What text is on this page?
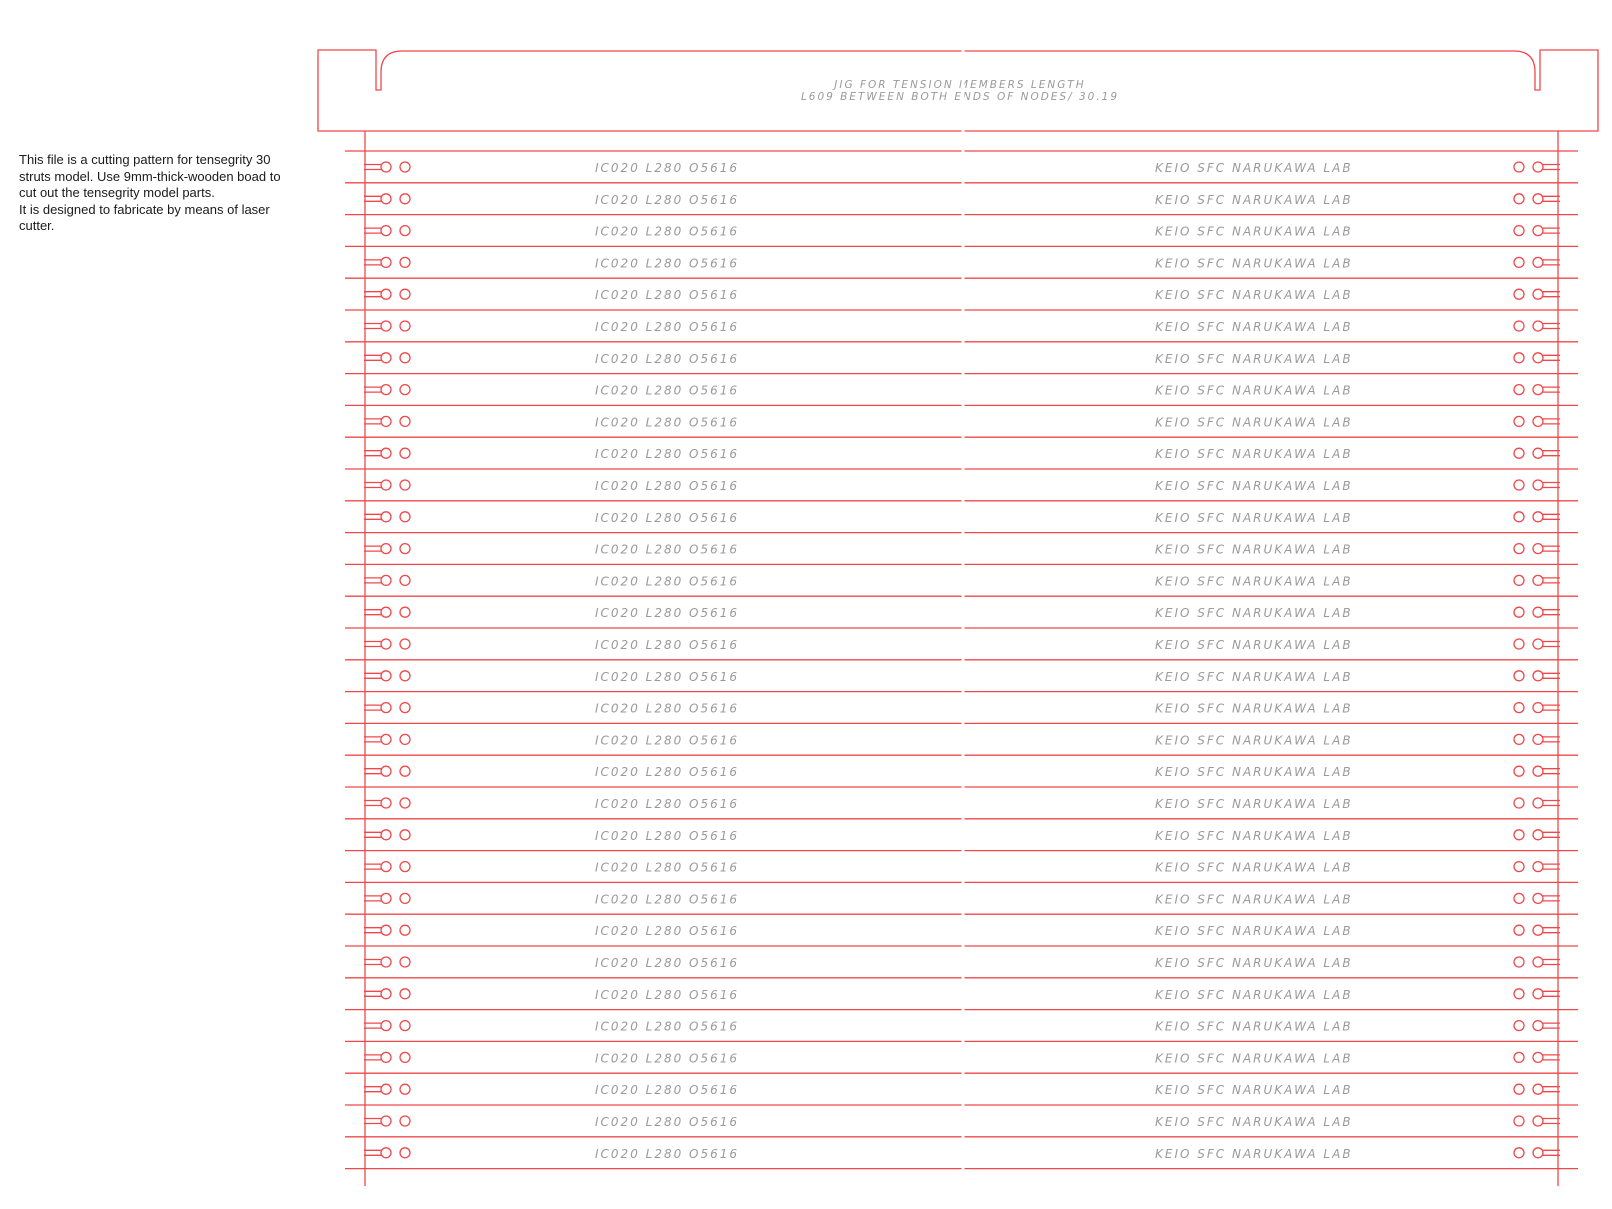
This file is a cutting pattern for tensegrity 30
struts model. Use 9mm-thick-wooden boad to
cut out the tensegrity model parts.
It is designed to fabricate by means of laser
cutter.
JIG FOR TENSION MEMBERS LENGTH
L609 BETWEEN BOTH ENDS OF NODES/ 30.19
IC020 L280 O5616	KEIO SFC NARUKAWA LAB
IC020 L280 O5616	KEIO SFC NARUKAWA LAB
IC020 L280 O5616	KEIO SFC NARUKAWA LAB
IC020 L280 O5616	KEIO SFC NARUKAWA LAB
IC020 L280 O5616	KEIO SFC NARUKAWA LAB
IC020 L280 O5616	KEIO SFC NARUKAWA LAB
IC020 L280 O5616	KEIO SFC NARUKAWA LAB
IC020 L280 O5616	KEIO SFC NARUKAWA LAB
IC020 L280 O5616	KEIO SFC NARUKAWA LAB
IC020 L280 O5616	KEIO SFC NARUKAWA LAB
IC020 L280 O5616	KEIO SFC NARUKAWA LAB
IC020 L280 O5616	KEIO SFC NARUKAWA LAB
IC020 L280 O5616	KEIO SFC NARUKAWA LAB
IC020 L280 O5616	KEIO SFC NARUKAWA LAB
IC020 L280 O5616	KEIO SFC NARUKAWA LAB
IC020 L280 O5616	KEIO SFC NARUKAWA LAB
IC020 L280 O5616	KEIO SFC NARUKAWA LAB
IC020 L280 O5616	KEIO SFC NARUKAWA LAB
IC020 L280 O5616	KEIO SFC NARUKAWA LAB
IC020 L280 O5616	KEIO SFC NARUKAWA LAB
IC020 L280 O5616	KEIO SFC NARUKAWA LAB
IC020 L280 O5616	KEIO SFC NARUKAWA LAB
IC020 L280 O5616	KEIO SFC NARUKAWA LAB
IC020 L280 O5616	KEIO SFC NARUKAWA LAB
IC020 L280 O5616	KEIO SFC NARUKAWA LAB
IC020 L280 O5616	KEIO SFC NARUKAWA LAB
IC020 L280 O5616	KEIO SFC NARUKAWA LAB
IC020 L280 O5616	KEIO SFC NARUKAWA LAB
IC020 L280 O5616	KEIO SFC NARUKAWA LAB
IC020 L280 O5616	KEIO SFC NARUKAWA LAB
IC020 L280 O5616	KEIO SFC NARUKAWA LAB
IC020 L280 O5616	KEIO SFC NARUKAWA LAB
